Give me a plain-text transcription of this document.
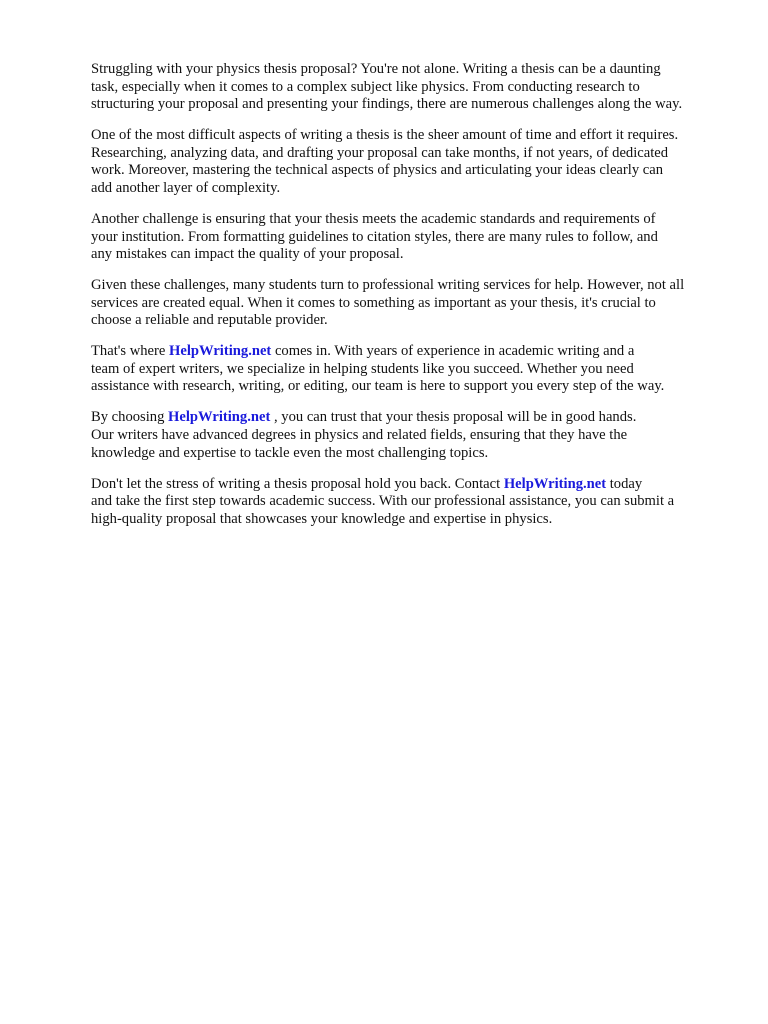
Struggling with your physics thesis proposal? You're not alone. Writing a thesis can be a daunting
task, especially when it comes to a complex subject like physics. From conducting research to
structuring your proposal and presenting your findings, there are numerous challenges along the way.

One of the most difficult aspects of writing a thesis is the sheer amount of time and effort it requires.
Researching, analyzing data, and drafting your proposal can take months, if not years, of dedicated
work. Moreover, mastering the technical aspects of physics and articulating your ideas clearly can
add another layer of complexity.

Another challenge is ensuring that your thesis meets the academic standards and requirements of
your institution. From formatting guidelines to citation styles, there are many rules to follow, and
any mistakes can impact the quality of your proposal.

Given these challenges, many students turn to professional writing services for help. However, not all
services are created equal. When it comes to something as important as your thesis, it's crucial to
choose a reliable and reputable provider.

That's where HelpWriting.net comes in. With years of experience in academic writing and a
team of expert writers, we specialize in helping students like you succeed. Whether you need
assistance with research, writing, or editing, our team is here to support you every step of the way.

By choosing HelpWriting.net , you can trust that your thesis proposal will be in good hands.
Our writers have advanced degrees in physics and related fields, ensuring that they have the
knowledge and expertise to tackle even the most challenging topics.

Don't let the stress of writing a thesis proposal hold you back. Contact HelpWriting.net today
and take the first step towards academic success. With our professional assistance, you can submit a
high-quality proposal that showcases your knowledge and expertise in physics.
